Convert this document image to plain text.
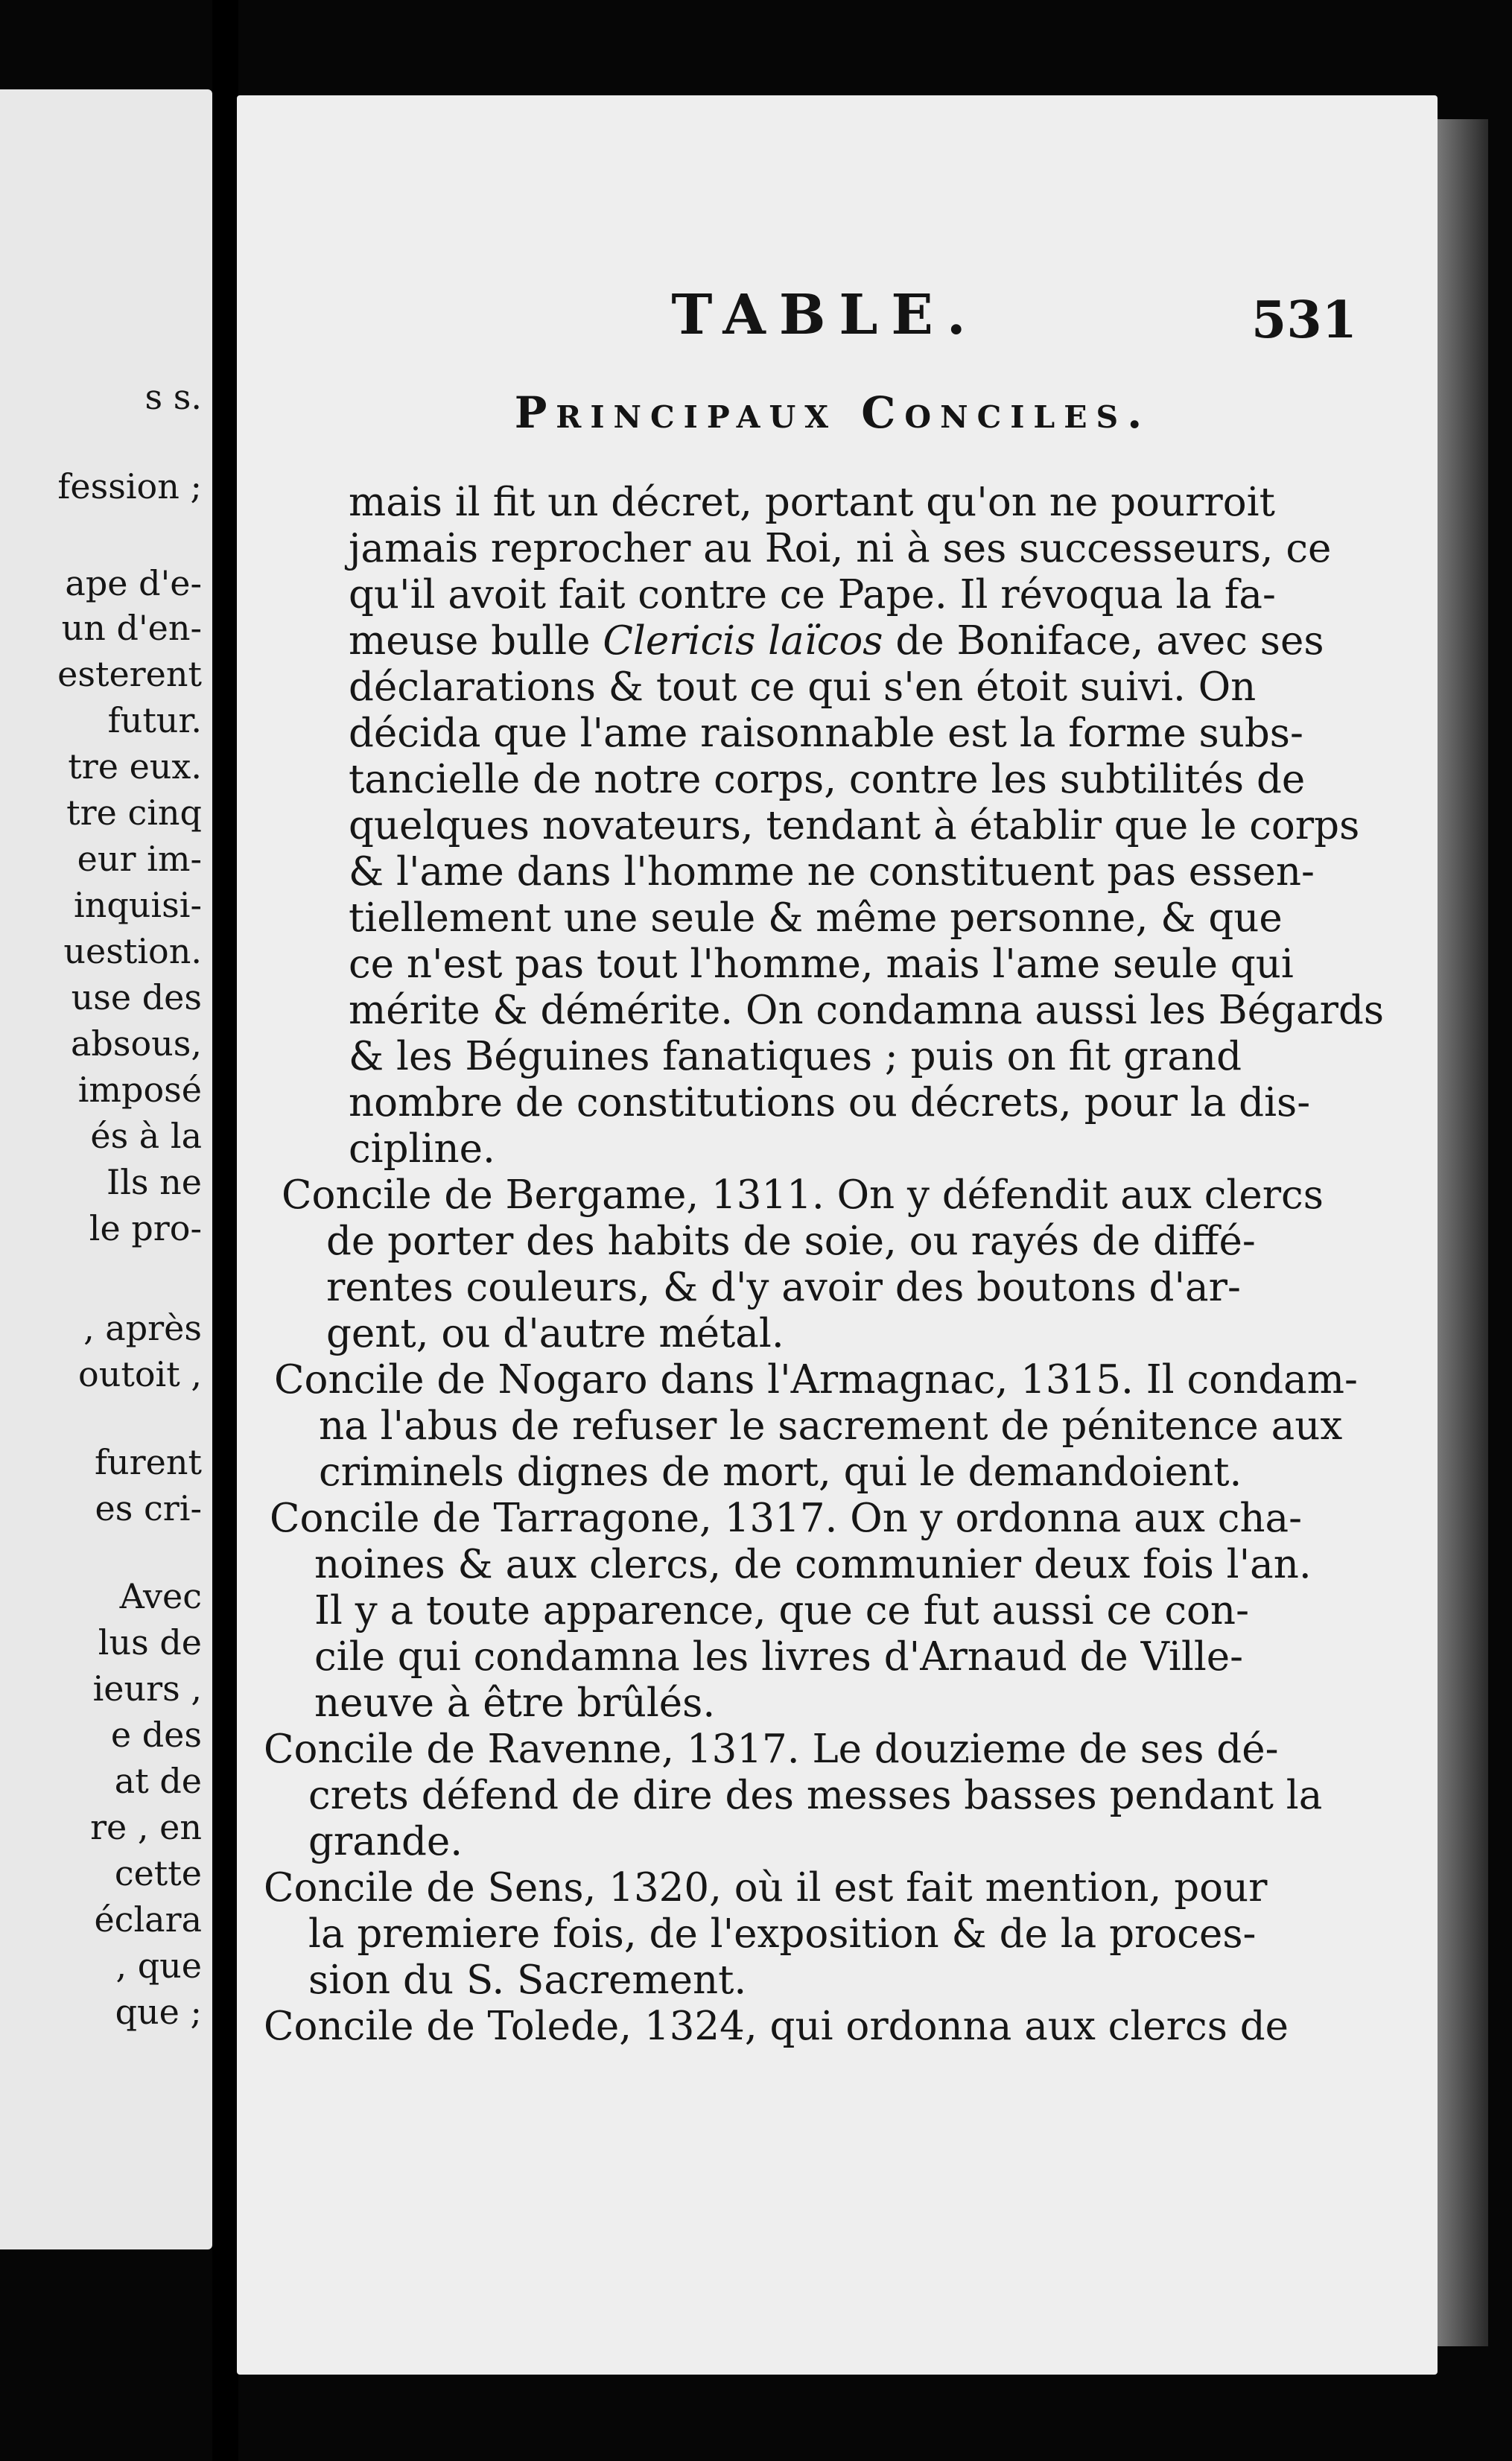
s s.
fession ;
ape d'e-
un d'en-
esterent
futur.
tre eux.
tre cinq
eur im-
inquisi-
uestion.
use des
absous,
imposé
és à la
Ils ne
le pro-
, après
outoit ,
furent
es cri-
Avec
lus de
ieurs ,
e des
at de
re , en
cette
éclara
, que
que ;
TABLE.	531
Principaux Conciles.
mais il fit un décret, portant qu'on ne pourroit
jamais reprocher au Roi, ni à ses successeurs, ce
qu'il avoit fait contre ce Pape. Il révoqua la fa-
meuse bulle Clericis laïcos de Boniface, avec ses
déclarations & tout ce qui s'en étoit suivi. On
décida que l'ame raisonnable est la forme subs-
tancielle de notre corps, contre les subtilités de
quelques novateurs, tendant à établir que le corps
& l'ame dans l'homme ne constituent pas essen-
tiellement une seule & même personne, & que
ce n'est pas tout l'homme, mais l'ame seule qui
mérite & démérite. On condamna aussi les Bégards
& les Béguines fanatiques ; puis on fit grand
nombre de constitutions ou décrets, pour la dis-
cipline.
Concile de Bergame, 1311. On y défendit aux clercs
de porter des habits de soie, ou rayés de diffé-
rentes couleurs, & d'y avoir des boutons d'ar-
gent, ou d'autre métal.
Concile de Nogaro dans l'Armagnac, 1315. Il condam-
na l'abus de refuser le sacrement de pénitence aux
criminels dignes de mort, qui le demandoient.
Concile de Tarragone, 1317. On y ordonna aux cha-
noines & aux clercs, de communier deux fois l'an.
Il y a toute apparence, que ce fut aussi ce con-
cile qui condamna les livres d'Arnaud de Ville-
neuve à être brûlés.
Concile de Ravenne, 1317. Le douzieme de ses dé-
crets défend de dire des messes basses pendant la
grande.
Concile de Sens, 1320, où il est fait mention, pour
la premiere fois, de l'exposition & de la proces-
sion du S. Sacrement.
Concile de Tolede, 1324, qui ordonna aux clercs de
